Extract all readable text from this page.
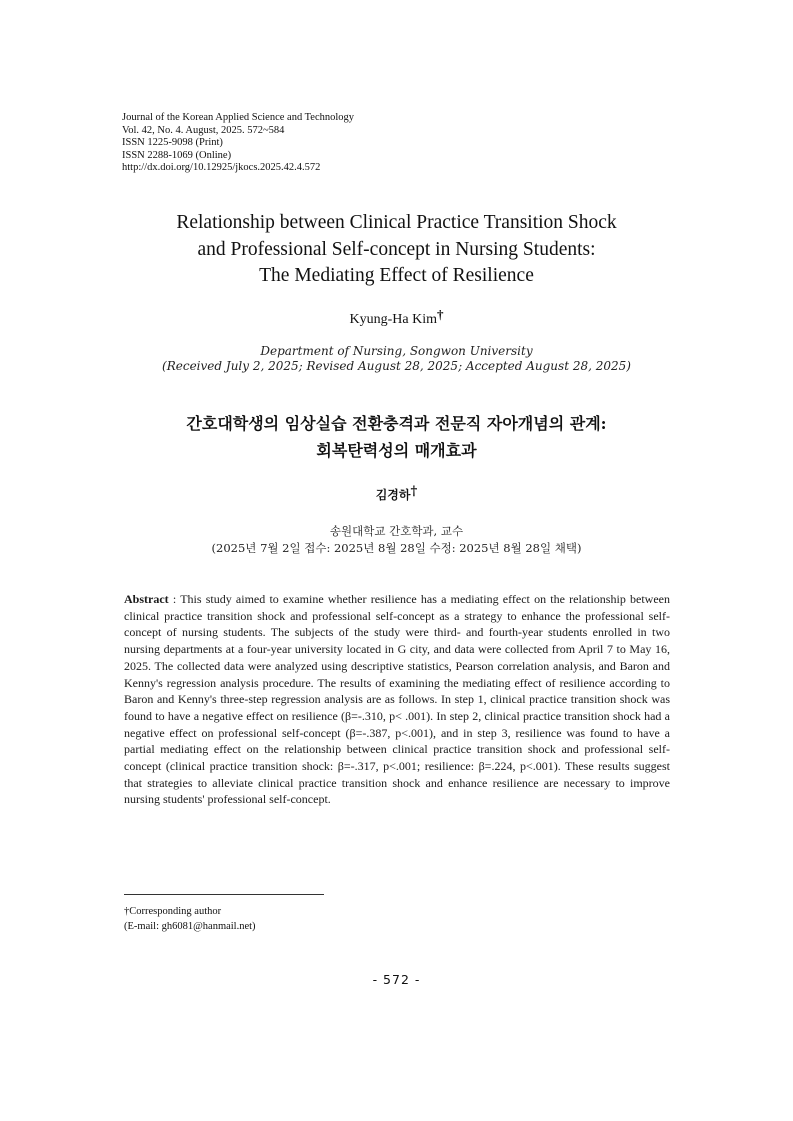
Journal of the Korean Applied Science and Technology
Vol. 42, No. 4. August, 2025. 572~584
ISSN 1225-9098 (Print)
ISSN 2288-1069 (Online)
http://dx.doi.org/10.12925/jkocs.2025.42.4.572
Relationship between Clinical Practice Transition Shock
and Professional Self-concept in Nursing Students:
The Mediating Effect of Resilience
Kyung-Ha Kim†
Department of Nursing, Songwon University
(Received July 2, 2025; Revised August 28, 2025; Accepted August 28, 2025)
간호대학생의 임상실습 전환충격과 전문직 자아개념의 관계:
회복탄력성의 매개효과
김경하†
송원대학교 간호학과, 교수
(2025년 7월 2일 접수: 2025년 8월 28일 수정: 2025년 8월 28일 채택)
Abstract : This study aimed to examine whether resilience has a mediating effect on the relationship between clinical practice transition shock and professional self-concept as a strategy to enhance the professional self-concept of nursing students. The subjects of the study were third- and fourth-year students enrolled in two nursing departments at a four-year university located in G city, and data were collected from April 7 to May 16, 2025. The collected data were analyzed using descriptive statistics, Pearson correlation analysis, and Baron and Kenny's regression analysis procedure. The results of examining the mediating effect of resilience according to Baron and Kenny's three-step regression analysis are as follows. In step 1, clinical practice transition shock was found to have a negative effect on resilience (β=-.310, p< .001). In step 2, clinical practice transition shock had a negative effect on professional self-concept (β=-.387, p<.001), and in step 3, resilience was found to have a partial mediating effect on the relationship between clinical practice transition shock and professional self-concept (clinical practice transition shock: β=-.317, p<.001; resilience: β=.224, p<.001). These results suggest that strategies to alleviate clinical practice transition shock and enhance resilience are necessary to improve nursing students' professional self-concept.
†Corresponding author
(E-mail: gh6081@hanmail.net)
- 572 -
